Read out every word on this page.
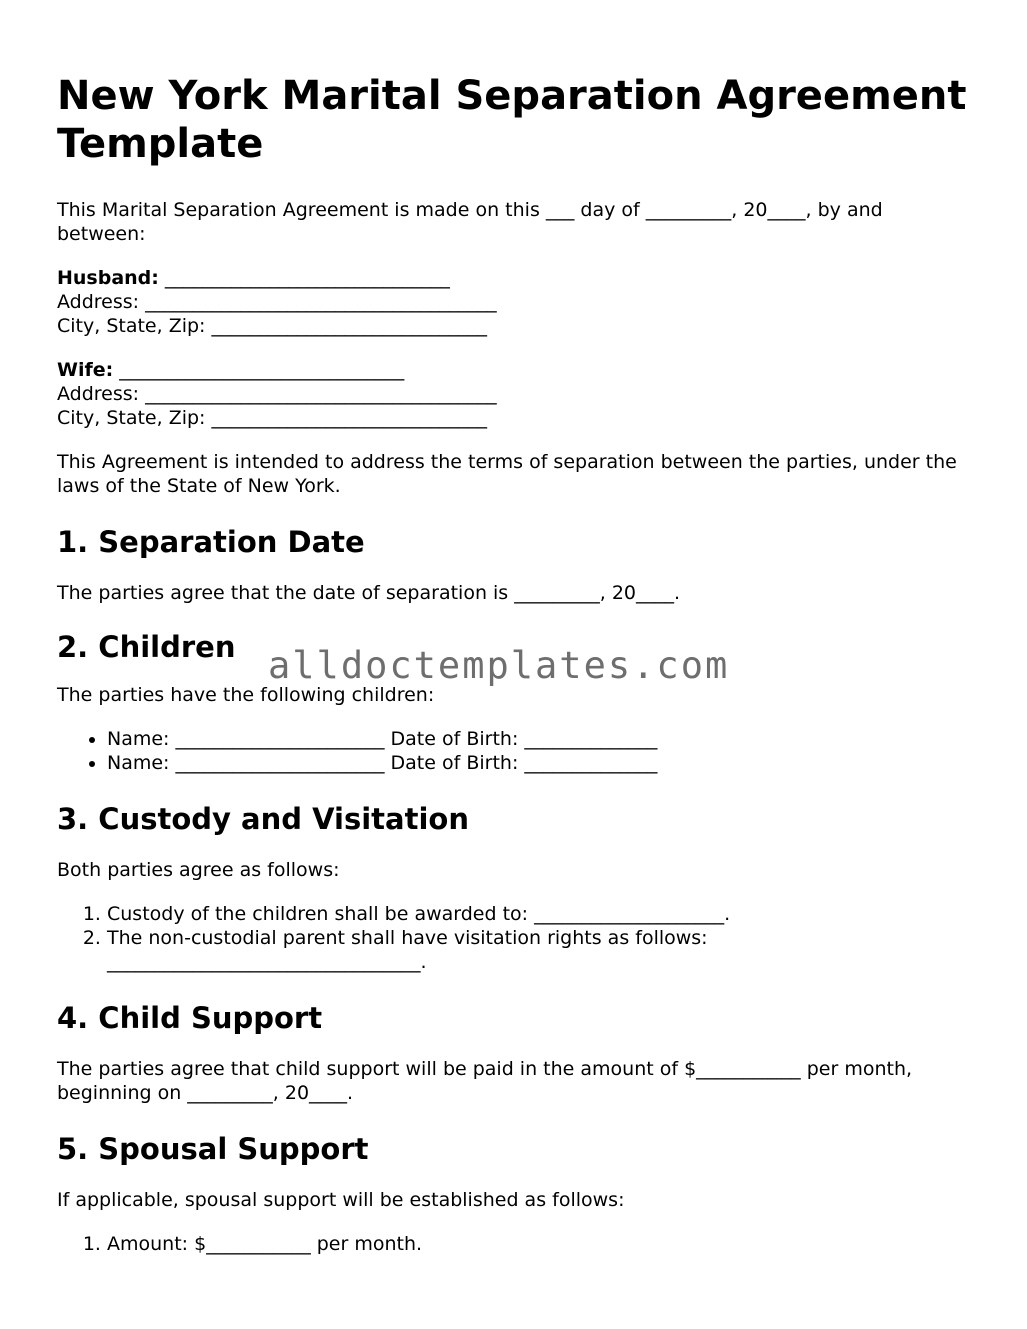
New York Marital Separation Agreement Template

This Marital Separation Agreement is made on this ___ day of _________, 20____, by and between:

Husband: ______________________________
Address: _____________________________________
City, State, Zip: _____________________________
Wife: ______________________________
Address: _____________________________________
City, State, Zip: _____________________________

This Agreement is intended to address the terms of separation between the parties, under the laws of the State of New York.

1. Separation Date

The parties agree that the date of separation is _________, 20____.

2. Children

The parties have the following children:

• Name: ______________________ Date of Birth: ______________
• Name: ______________________ Date of Birth: ______________
3. Custody and Visitation

Both parties agree as follows:

1. Custody of the children shall be awarded to: ____________________.
2. The non-custodial parent shall have visitation rights as follows: _________________________________.
4. Child Support

The parties agree that child support will be paid in the amount of $___________ per month, beginning on _________, 20____.

5. Spousal Support

If applicable, spousal support will be established as follows:

1. Amount: $___________ per month.
alldoctemplates.com
